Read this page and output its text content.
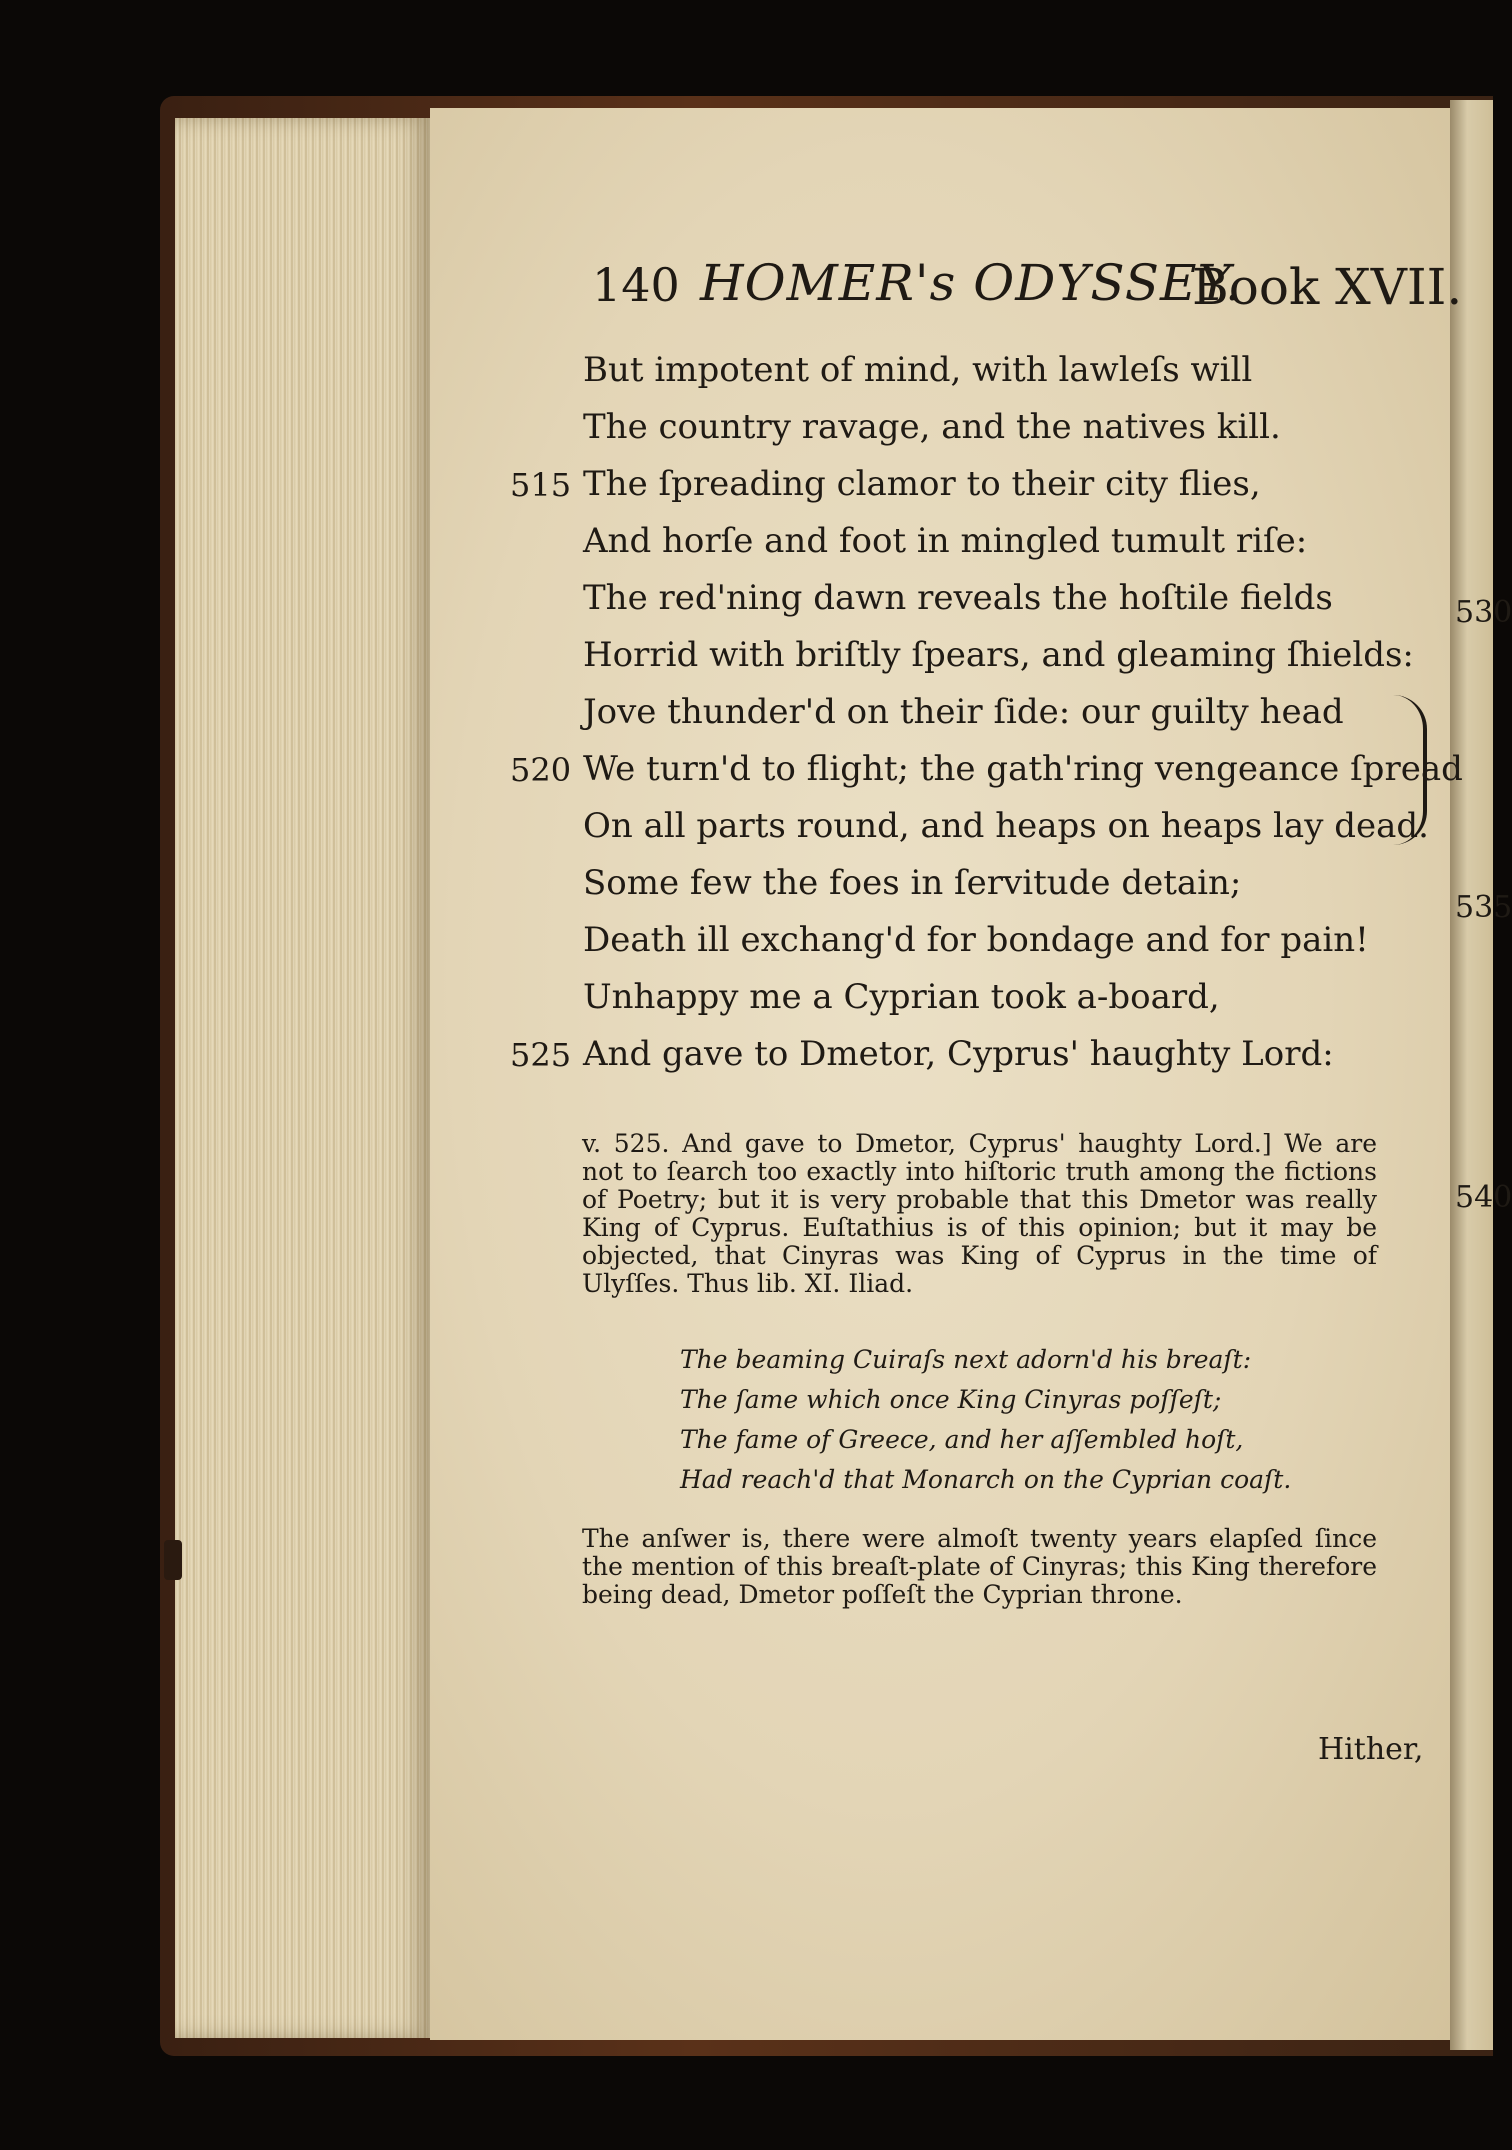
140 HOMER's ODYSSEY.
Book XVII.
But impotent of mind, with lawleſs will
The country ravage, and the natives kill.
The ſpreading clamor to their city flies,
515
And horſe and foot in mingled tumult riſe:
The red'ning dawn reveals the hoſtile fields
Horrid with briſtly ſpears, and gleaming ſhields:
Jove thunder'd on their ſide: our guilty head
We turn'd to flight; the gath'ring vengeance ſpread
520
On all parts round, and heaps on heaps lay dead.
Some few the foes in ſervitude detain;
Death ill exchang'd for bondage and for pain!
Unhappy me a Cyprian took a-board,
And gave to Dmetor, Cyprus' haughty Lord:
525
v. 525. And gave to Dmetor, Cyprus' haughty Lord.] We are not to ſearch too exactly into hiſtoric truth among the fictions of Poetry; but it is very probable that this Dmetor was really King of Cyprus. Euſtathius is of this opinion; but it may be objected, that Cinyras was King of Cyprus in the time of Ulyſſes. Thus lib. XI. Iliad.
The beaming Cuiraſs next adorn'd his breaſt:
The ſame which once King Cinyras poſſeſt;
The fame of Greece, and her aſſembled hoſt,
Had reach'd that Monarch on the Cyprian coaſt.
The anſwer is, there were almoſt twenty years elapſed ſince the mention of this breaſt-plate of Cinyras; this King therefore being dead, Dmetor poſſeſt the Cyprian throne.
530
535
540
Hither,
